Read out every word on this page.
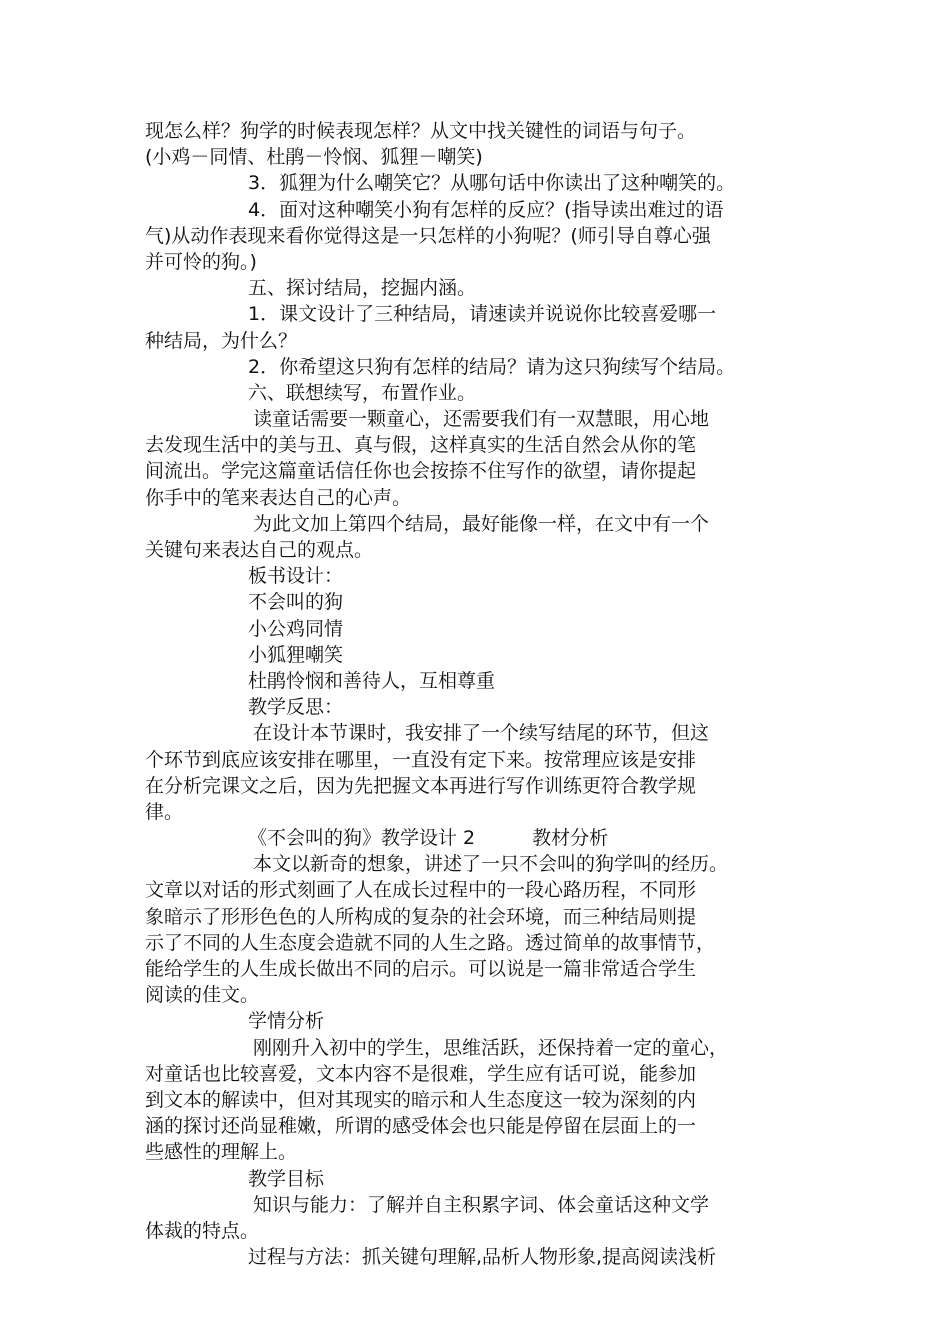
现怎么样？狗学的时候表现怎样？从文中找关键性的词语与句子。
(小鸡－同情、杜鹃－怜悯、狐狸－嘲笑)
3．狐狸为什么嘲笑它？从哪句话中你读出了这种嘲笑的。
4．面对这种嘲笑小狗有怎样的反应？(指导读出难过的语
气)从动作表现来看你觉得这是一只怎样的小狗呢？(师引导自尊心强
并可怜的狗。)
五、探讨结局，挖掘内涵。
1．课文设计了三种结局，请速读并说说你比较喜爱哪一
种结局，为什么？
2．你希望这只狗有怎样的结局？请为这只狗续写个结局。
六、联想续写，布置作业。
读童话需要一颗童心，还需要我们有一双慧眼，用心地
去发现生活中的美与丑、真与假，这样真实的生活自然会从你的笔
间流出。学完这篇童话信任你也会按捺不住写作的欲望，请你提起
你手中的笔来表达自己的心声。
为此文加上第四个结局，最好能像一样，在文中有一个
关键句来表达自己的观点。
板书设计：
不会叫的狗
小公鸡同情
小狐狸嘲笑
杜鹃怜悯和善待人，互相尊重
教学反思：
在设计本节课时，我安排了一个续写结尾的环节，但这
个环节到底应该安排在哪里，一直没有定下来。按常理应该是安排
在分析完课文之后，因为先把握文本再进行写作训练更符合教学规
律。
《不会叫的狗》教学设计 2　　　教材分析
本文以新奇的想象，讲述了一只不会叫的狗学叫的经历。
文章以对话的形式刻画了人在成长过程中的一段心路历程，不同形
象暗示了形形色色的人所构成的复杂的社会环境，而三种结局则提
示了不同的人生态度会造就不同的人生之路。透过简单的故事情节，
能给学生的人生成长做出不同的启示。可以说是一篇非常适合学生
阅读的佳文。
学情分析
刚刚升入初中的学生，思维活跃，还保持着一定的童心，
对童话也比较喜爱，文本内容不是很难，学生应有话可说，能参加
到文本的解读中，但对其现实的暗示和人生态度这一较为深刻的内
涵的探讨还尚显稚嫩，所谓的感受体会也只能是停留在层面上的一
些感性的理解上。
教学目标
知识与能力：了解并自主积累字词、体会童话这种文学
体裁的特点。
过程与方法：抓关键句理解,品析人物形象,提高阅读浅析
